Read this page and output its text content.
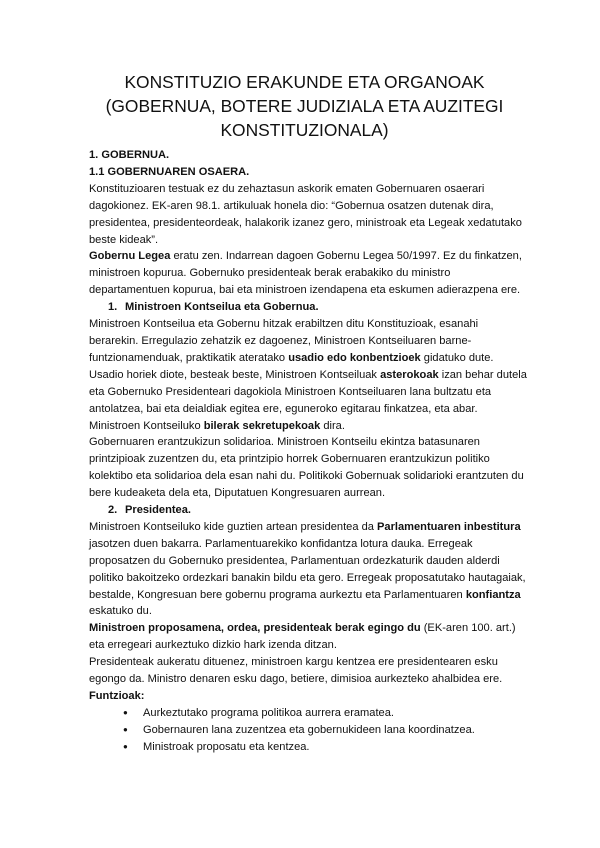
KONSTITUZIO ERAKUNDE ETA ORGANOAK
(GOBERNUA, BOTERE JUDIZIALA ETA AUZITEGI
KONSTITUZIONALA)

1. GOBERNUA.

1.1 GOBERNUAREN OSAERA.

Konstituzioaren testuak ez du zehaztasun askorik ematen Gobernuaren osaerari dagokionez. EK-aren 98.1. artikuluak honela dio: “Gobernua osatzen dutenak dira, presidentea, presidenteordeak, halakorik izanez gero, ministroak eta Legeak xedatutako beste kideak”.

Gobernu Legea eratu zen. Indarrean dagoen Gobernu Legea 50/1997. Ez du finkatzen, ministroen kopurua. Gobernuko presidenteak berak erabakiko du ministro departamentuen kopurua, bai eta ministroen izendapena eta eskumen adierazpena ere.

1. Ministroen Kontseilua eta Gobernua.

Ministroen Kontseilua eta Gobernu hitzak erabiltzen ditu Konstituzioak, esanahi berarekin. Erregulazio zehatzik ez dagoenez, Ministroen Kontseiluaren barne-funtzionamenduak, praktikatik ateratako usadio edo konbentzioek gidatuko dute. Usadio horiek diote, besteak beste, Ministroen Kontseiluak asterokoak izan behar dutela eta Gobernuko Presidenteari dagokiola Ministroen Kontseiluaren lana bultzatu eta antolatzea, bai eta deialdiak egitea ere, eguneroko egitarau finkatzea, eta abar.

Ministroen Kontseiluko bilerak sekretupekoak dira.

Gobernuaren erantzukizun solidarioa. Ministroen Kontseilu ekintza batasunaren printzipioak zuzentzen du, eta printzipio horrek Gobernuaren erantzukizun politiko kolektibo eta solidarioa dela esan nahi du. Politikoki Gobernuak solidarioki erantzuten du bere kudeaketa dela eta, Diputatuen Kongresuaren aurrean.

2. Presidentea.

Ministroen Kontseiluko kide guztien artean presidentea da Parlamentuaren inbestitura jasotzen duen bakarra. Parlamentuarekiko konfidantza lotura dauka. Erregeak proposatzen du Gobernuko presidentea, Parlamentuan ordezkaturik dauden alderdi politiko bakoitzeko ordezkari banakin bildu eta gero. Erregeak proposatutako hautagaiak, bestalde, Kongresuan bere gobernu programa aurkeztu eta Parlamentuaren konfiantza eskatuko du.

Ministroen proposamena, ordea, presidenteak berak egingo du (EK-aren 100. art.) eta erregeari aurkeztuko dizkio hark izenda ditzan.

Presidenteak aukeratu dituenez, ministroen kargu kentzea ere presidentearen esku egongo da. Ministro denaren esku dago, betiere, dimisioa aurkezteko ahalbidea ere.

Funtzioak:

● Aurkeztutako programa politikoa aurrera eramatea.
● Gobernauren lana zuzentzea eta gobernukideen lana koordinatzea.
● Ministroak proposatu eta kentzea.
